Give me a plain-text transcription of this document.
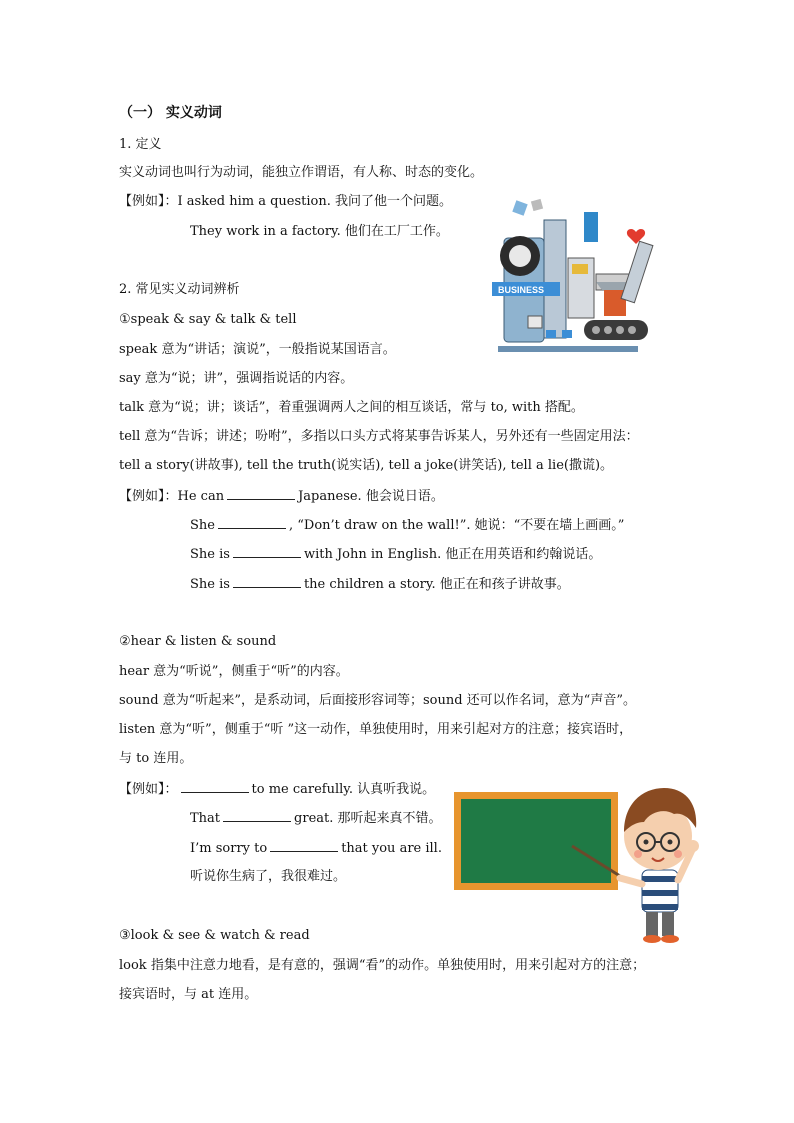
（一） 实义动词
1. 定义
实义动词也叫行为动词，能独立作谓语，有人称、时态的变化。
【例如】：I asked him a question. 我问了他一个问题。
They work in a factory. 他们在工厂工作。
2. 常见实义动词辨析
①speak & say & talk & tell
speak 意为“讲话；演说”，一般指说某国语言。
say 意为“说；讲”，强调指说话的内容。
talk 意为“说；讲；谈话”，着重强调两人之间的相互谈话，常与 to, with 搭配。
tell 意为“告诉；讲述；吩咐”，多指以口头方式将某事告诉某人，另外还有一些固定用法：
tell a story(讲故事), tell the truth(说实话), tell a joke(讲笑话), tell a lie(撒谎)。
【例如】：He can	Japanese. 他会说日语。
She	, “Don’t draw on the wall!”. 她说：“不要在墙上画画。”
She is	with John in English. 他正在用英语和约翰说话。
She is	the children a story. 他正在和孩子讲故事。
②hear & listen & sound
hear 意为“听说”，侧重于“听”的内容。
sound 意为“听起来”，是系动词，后面接形容词等；sound 还可以作名词，意为“声音”。
listen 意为“听”，侧重于“听 ”这一动作，单独使用时，用来引起对方的注意；接宾语时，
与 to 连用。
【例如】：	to me carefully. 认真听我说。
That	great. 那听起来真不错。
I’m sorry to	that you are ill.
听说你生病了，我很难过。
③look & see & watch & read
look 指集中注意力地看，是有意的，强调“看”的动作。单独使用时，用来引起对方的注意；
接宾语时，与 at 连用。
BUSINESS
